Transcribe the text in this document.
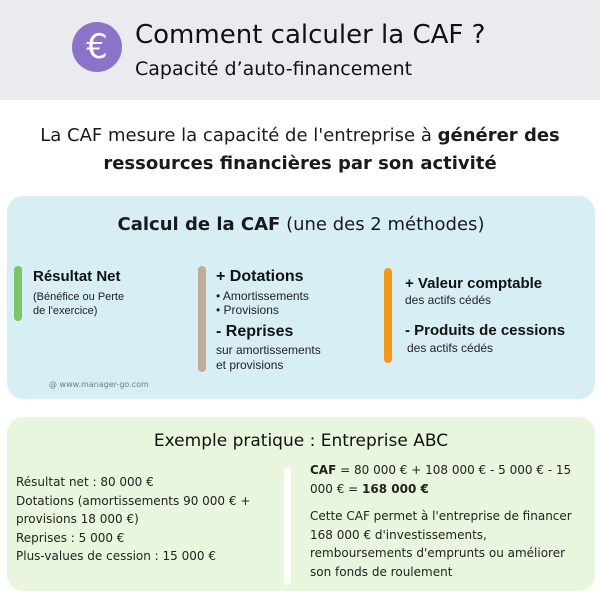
€	Comment calculer la CAF ?
Capacité d’auto-financement
La CAF mesure la capacité de l'entreprise à générer des ressources financières par son activité
Calcul de la CAF (une des 2 méthodes)
Résultat Net
(Bénéfice ou Perte
de l'exercice)
+ Dotations
• Amortissements
• Provisions
- Reprises
sur amortissements
et provisions
+ Valeur comptable
des actifs cédés
- Produits de cessions
des actifs cédés
@ www.manager-go.com
Exemple pratique : Entreprise ABC
Résultat net : 80 000 €
Dotations (amortissements 90 000 € +
provisions 18 000 €)
Reprises : 5 000 €
Plus-values de cession : 15 000 €

CAF = 80 000 € + 108 000 € - 5 000 € - 15 000 € = 168 000 €

Cette CAF permet à l'entreprise de financer 168 000 € d'investissements, remboursements d'emprunts ou améliorer son fonds de roulement
